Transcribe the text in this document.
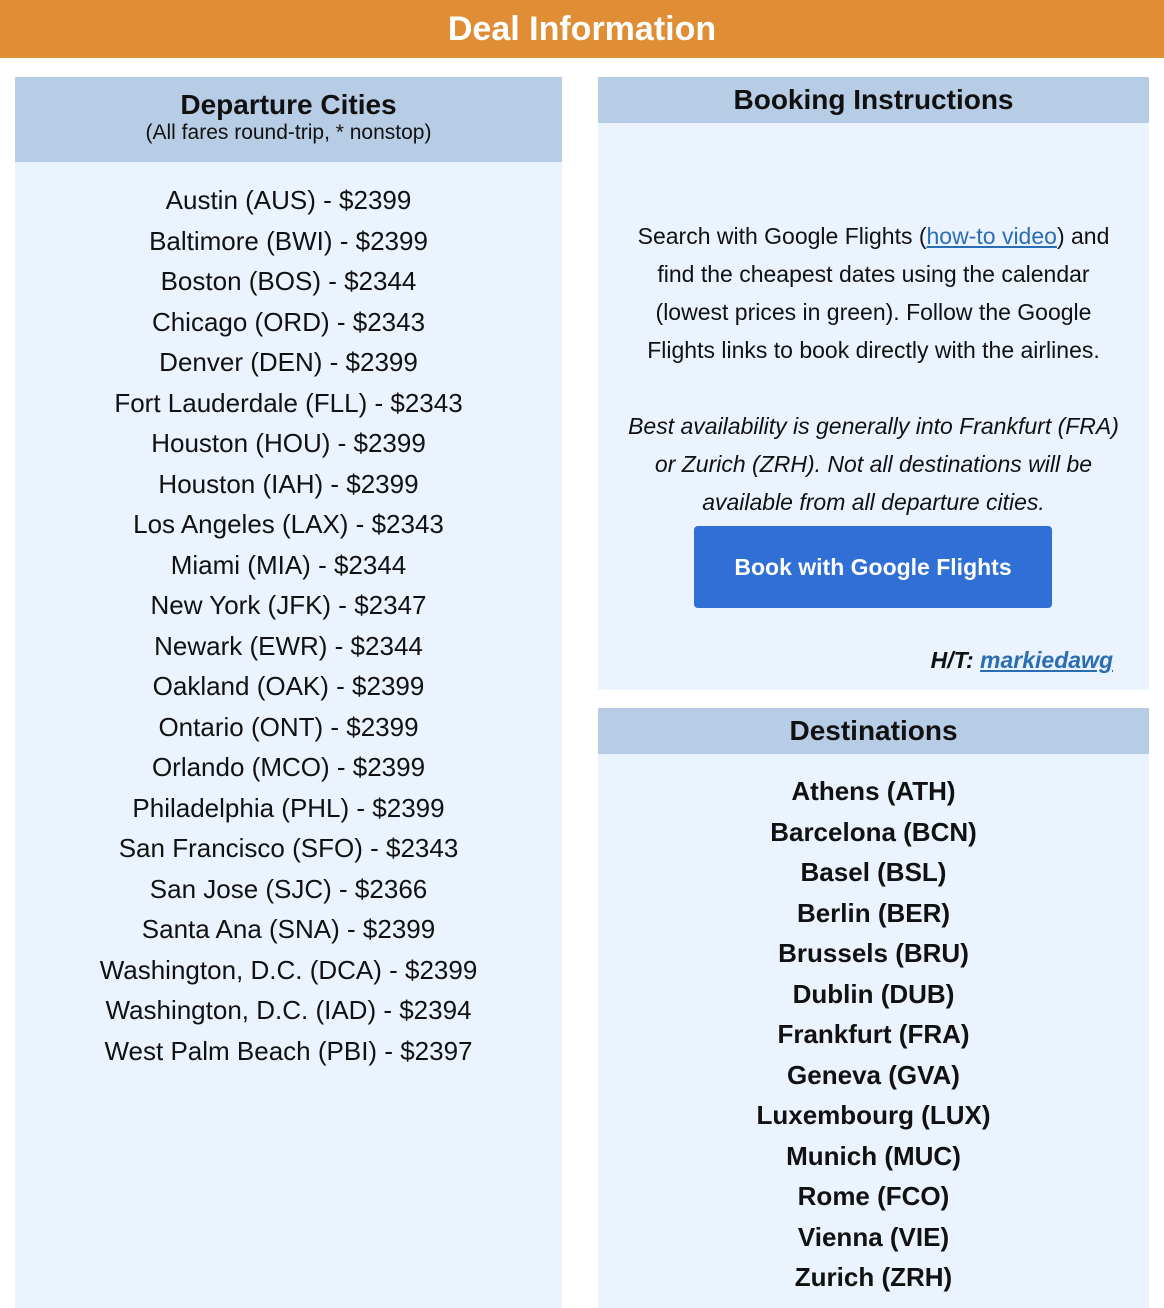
Deal Information
Departure Cities
(All fares round-trip, * nonstop)
Austin (AUS) - $2399
Baltimore (BWI) - $2399
Boston (BOS) - $2344
Chicago (ORD) - $2343
Denver (DEN) - $2399
Fort Lauderdale (FLL) - $2343
Houston (HOU) - $2399
Houston (IAH) - $2399
Los Angeles (LAX) - $2343
Miami (MIA) - $2344
New York (JFK) - $2347
Newark (EWR) - $2344
Oakland (OAK) - $2399
Ontario (ONT) - $2399
Orlando (MCO) - $2399
Philadelphia (PHL) - $2399
San Francisco (SFO) - $2343
San Jose (SJC) - $2366
Santa Ana (SNA) - $2399
Washington, D.C. (DCA) - $2399
Washington, D.C. (IAD) - $2394
West Palm Beach (PBI) - $2397
Booking Instructions

Search with Google Flights (how-to video) and find the cheapest dates using the calendar (lowest prices in green). Follow the Google Flights links to book directly with the airlines.

Best availability is generally into Frankfurt (FRA) or Zurich (ZRH). Not all destinations will be available from all departure cities.

Book with Google Flights
H/T: markiedawg
Destinations
Athens (ATH)
Barcelona (BCN)
Basel (BSL)
Berlin (BER)
Brussels (BRU)
Dublin (DUB)
Frankfurt (FRA)
Geneva (GVA)
Luxembourg (LUX)
Munich (MUC)
Rome (FCO)
Vienna (VIE)
Zurich (ZRH)
